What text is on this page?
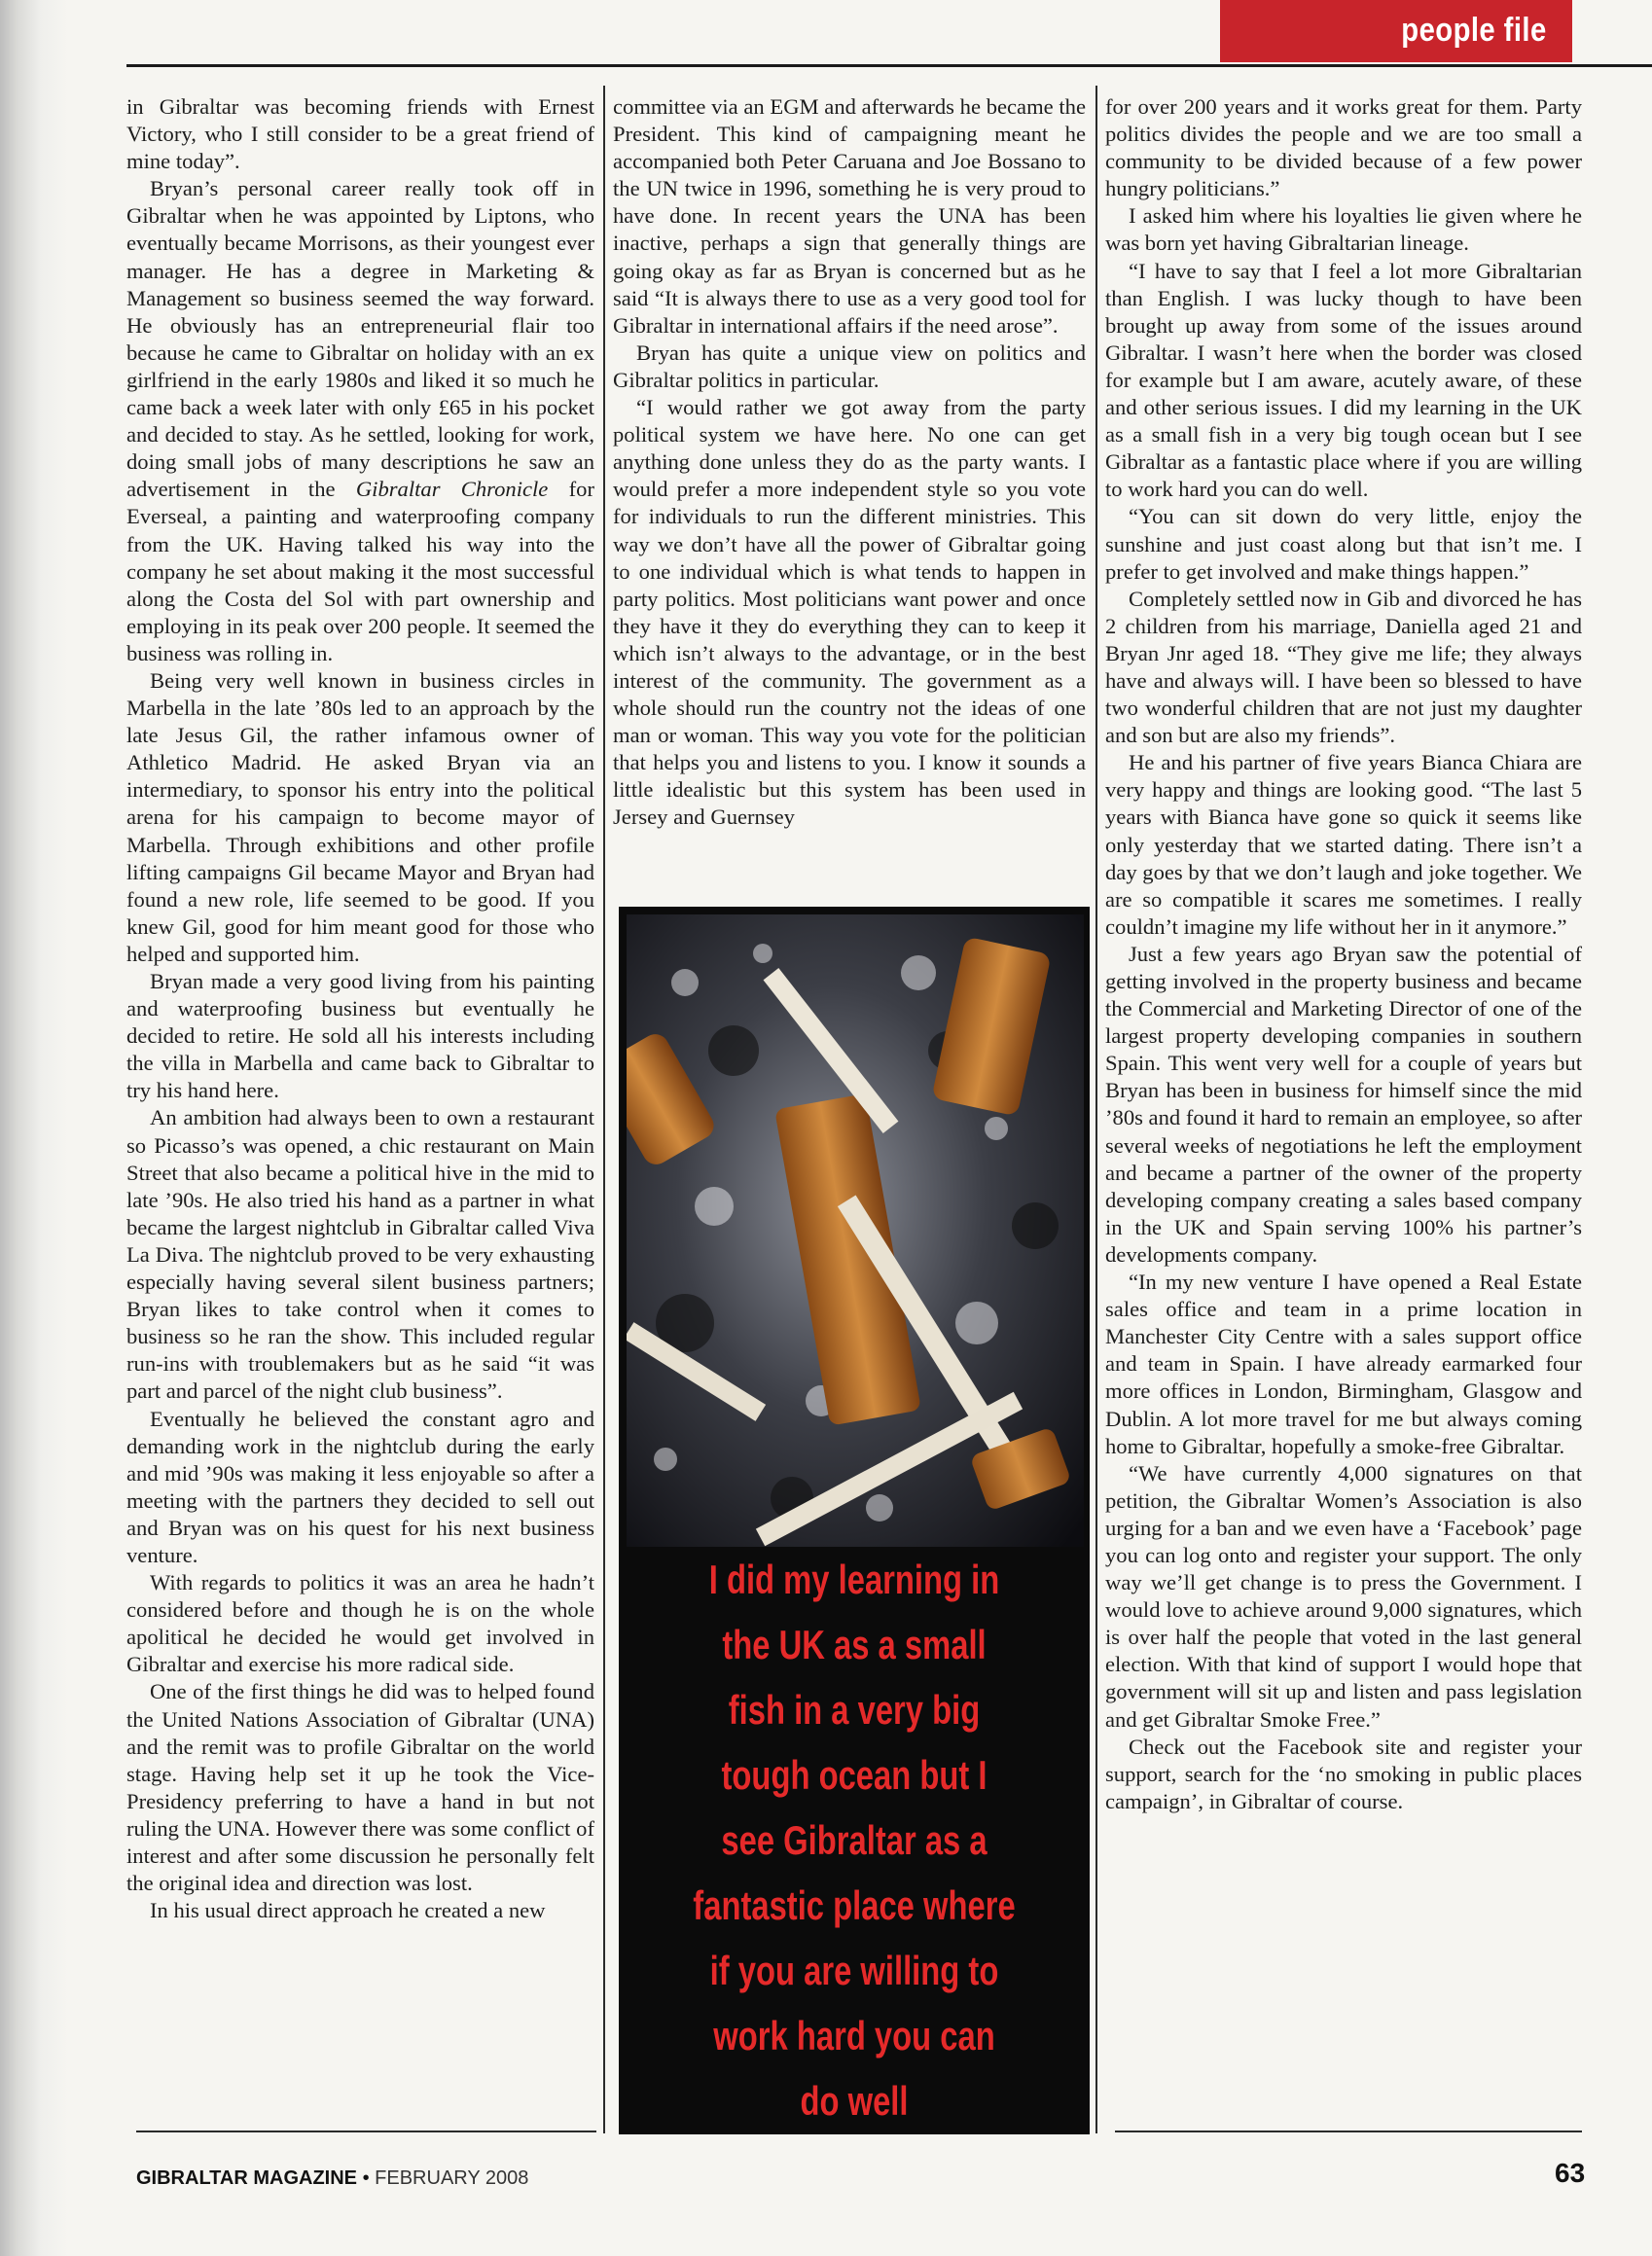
people file

in Gibraltar was becoming friends with Ernest Victory, who I still consider to be a great friend of mine today”.

Bryan’s personal career really took off in Gibraltar when he was appointed by Liptons, who eventually became Morrisons, as their youngest ever manager. He has a degree in Marketing & Management so business seemed the way forward. He obviously has an entrepreneurial flair too because he came to Gibraltar on holiday with an ex girlfriend in the early 1980s and liked it so much he came back a week later with only £65 in his pocket and decided to stay. As he settled, looking for work, doing small jobs of many descriptions he saw an advertisement in the Gibraltar Chronicle for Everseal, a painting and waterproofing company from the UK. Having talked his way into the company he set about making it the most successful along the Costa del Sol with part ownership and employing in its peak over 200 people. It seemed the business was rolling in.

Being very well known in business circles in Marbella in the late ’80s led to an approach by the late Jesus Gil, the rather infamous owner of Athletico Madrid. He asked Bryan via an intermediary, to sponsor his entry into the political arena for his campaign to become mayor of Marbella. Through exhibitions and other profile lifting campaigns Gil became Mayor and Bryan had found a new role, life seemed to be good. If you knew Gil, good for him meant good for those who helped and supported him.

Bryan made a very good living from his painting and waterproofing business but eventually he decided to retire. He sold all his interests including the villa in Marbella and came back to Gibraltar to try his hand here.

An ambition had always been to own a restaurant so Picasso’s was opened, a chic restaurant on Main Street that also became a political hive in the mid to late ’90s. He also tried his hand as a partner in what became the largest nightclub in Gibraltar called Viva La Diva. The nightclub proved to be very exhausting especially having several silent business partners; Bryan likes to take control when it comes to business so he ran the show. This included regular run-ins with troublemakers but as he said “it was part and parcel of the night club business”.

Eventually he believed the constant agro and demanding work in the nightclub during the early and mid ’90s was making it less enjoyable so after a meeting with the partners they decided to sell out and Bryan was on his quest for his next business venture.

With regards to politics it was an area he hadn’t considered before and though he is on the whole apolitical he decided he would get involved in Gibraltar and exercise his more radical side.

One of the first things he did was to helped found the United Nations Association of Gibraltar (UNA) and the remit was to profile Gibraltar on the world stage. Having help set it up he took the Vice-Presidency preferring to have a hand in but not ruling the UNA. However there was some conflict of interest and after some discussion he personally felt the original idea and direction was lost.

In his usual direct approach he created a new

committee via an EGM and afterwards he became the President. This kind of campaigning meant he accompanied both Peter Caruana and Joe Bossano to the UN twice in 1996, something he is very proud to have done. In recent years the UNA has been inactive, perhaps a sign that generally things are going okay as far as Bryan is concerned but as he said “It is always there to use as a very good tool for Gibraltar in international affairs if the need arose”.

Bryan has quite a unique view on politics and Gibraltar politics in particular.

“I would rather we got away from the party political system we have here. No one can get anything done unless they do as the party wants. I would prefer a more independent style so you vote for individuals to run the different ministries. This way we don’t have all the power of Gibraltar going to one individual which is what tends to happen in party politics. Most politicians want power and once they have it they do everything they can to keep it which isn’t always to the advantage, or in the best interest of the community. The government as a whole should run the country not the ideas of one man or woman. This way you vote for the politician that helps you and listens to you. I know it sounds a little idealistic but this system has been used in Jersey and Guernsey

I did my learning in the UK as a small fish in a very big tough ocean but I see Gibraltar as a fantastic place where if you are willing to work hard you can do well

for over 200 years and it works great for them. Party politics divides the people and we are too small a community to be divided because of a few power hungry politicians.”

I asked him where his loyalties lie given where he was born yet having Gibraltarian lineage.

“I have to say that I feel a lot more Gibraltarian than English. I was lucky though to have been brought up away from some of the issues around Gibraltar. I wasn’t here when the border was closed for example but I am aware, acutely aware, of these and other serious issues. I did my learning in the UK as a small fish in a very big tough ocean but I see Gibraltar as a fantastic place where if you are willing to work hard you can do well.

“You can sit down do very little, enjoy the sunshine and just coast along but that isn’t me. I prefer to get involved and make things happen.”

Completely settled now in Gib and divorced he has 2 children from his marriage, Daniella aged 21 and Bryan Jnr aged 18. “They give me life; they always have and always will. I have been so blessed to have two wonderful children that are not just my daughter and son but are also my friends”.

He and his partner of five years Bianca Chiara are very happy and things are looking good. “The last 5 years with Bianca have gone so quick it seems like only yesterday that we started dating. There isn’t a day goes by that we don’t laugh and joke together. We are so compatible it scares me sometimes. I really couldn’t imagine my life without her in it anymore.”

Just a few years ago Bryan saw the potential of getting involved in the property business and became the Commercial and Marketing Director of one of the largest property developing companies in southern Spain. This went very well for a couple of years but Bryan has been in business for himself since the mid ’80s and found it hard to remain an employee, so after several weeks of negotiations he left the employment and became a partner of the owner of the property developing company creating a sales based company in the UK and Spain serving 100% his partner’s developments company.

“In my new venture I have opened a Real Estate sales office and team in a prime location in Manchester City Centre with a sales support office and team in Spain. I have already earmarked four more offices in London, Birmingham, Glasgow and Dublin. A lot more travel for me but always coming home to Gibraltar, hopefully a smoke-free Gibraltar.

“We have currently 4,000 signatures on that petition, the Gibraltar Women’s Association is also urging for a ban and we even have a ‘Facebook’ page you can log onto and register your support. The only way we’ll get change is to press the Government. I would love to achieve around 9,000 signatures, which is over half the people that voted in the last general election. With that kind of support I would hope that government will sit up and listen and pass legislation and get Gibraltar Smoke Free.”

Check out the Facebook site and register your support, search for the ‘no smoking in public places campaign’, in Gibraltar of course.

GIBRALTAR MAGAZINE • FEBRUARY 2008	63
